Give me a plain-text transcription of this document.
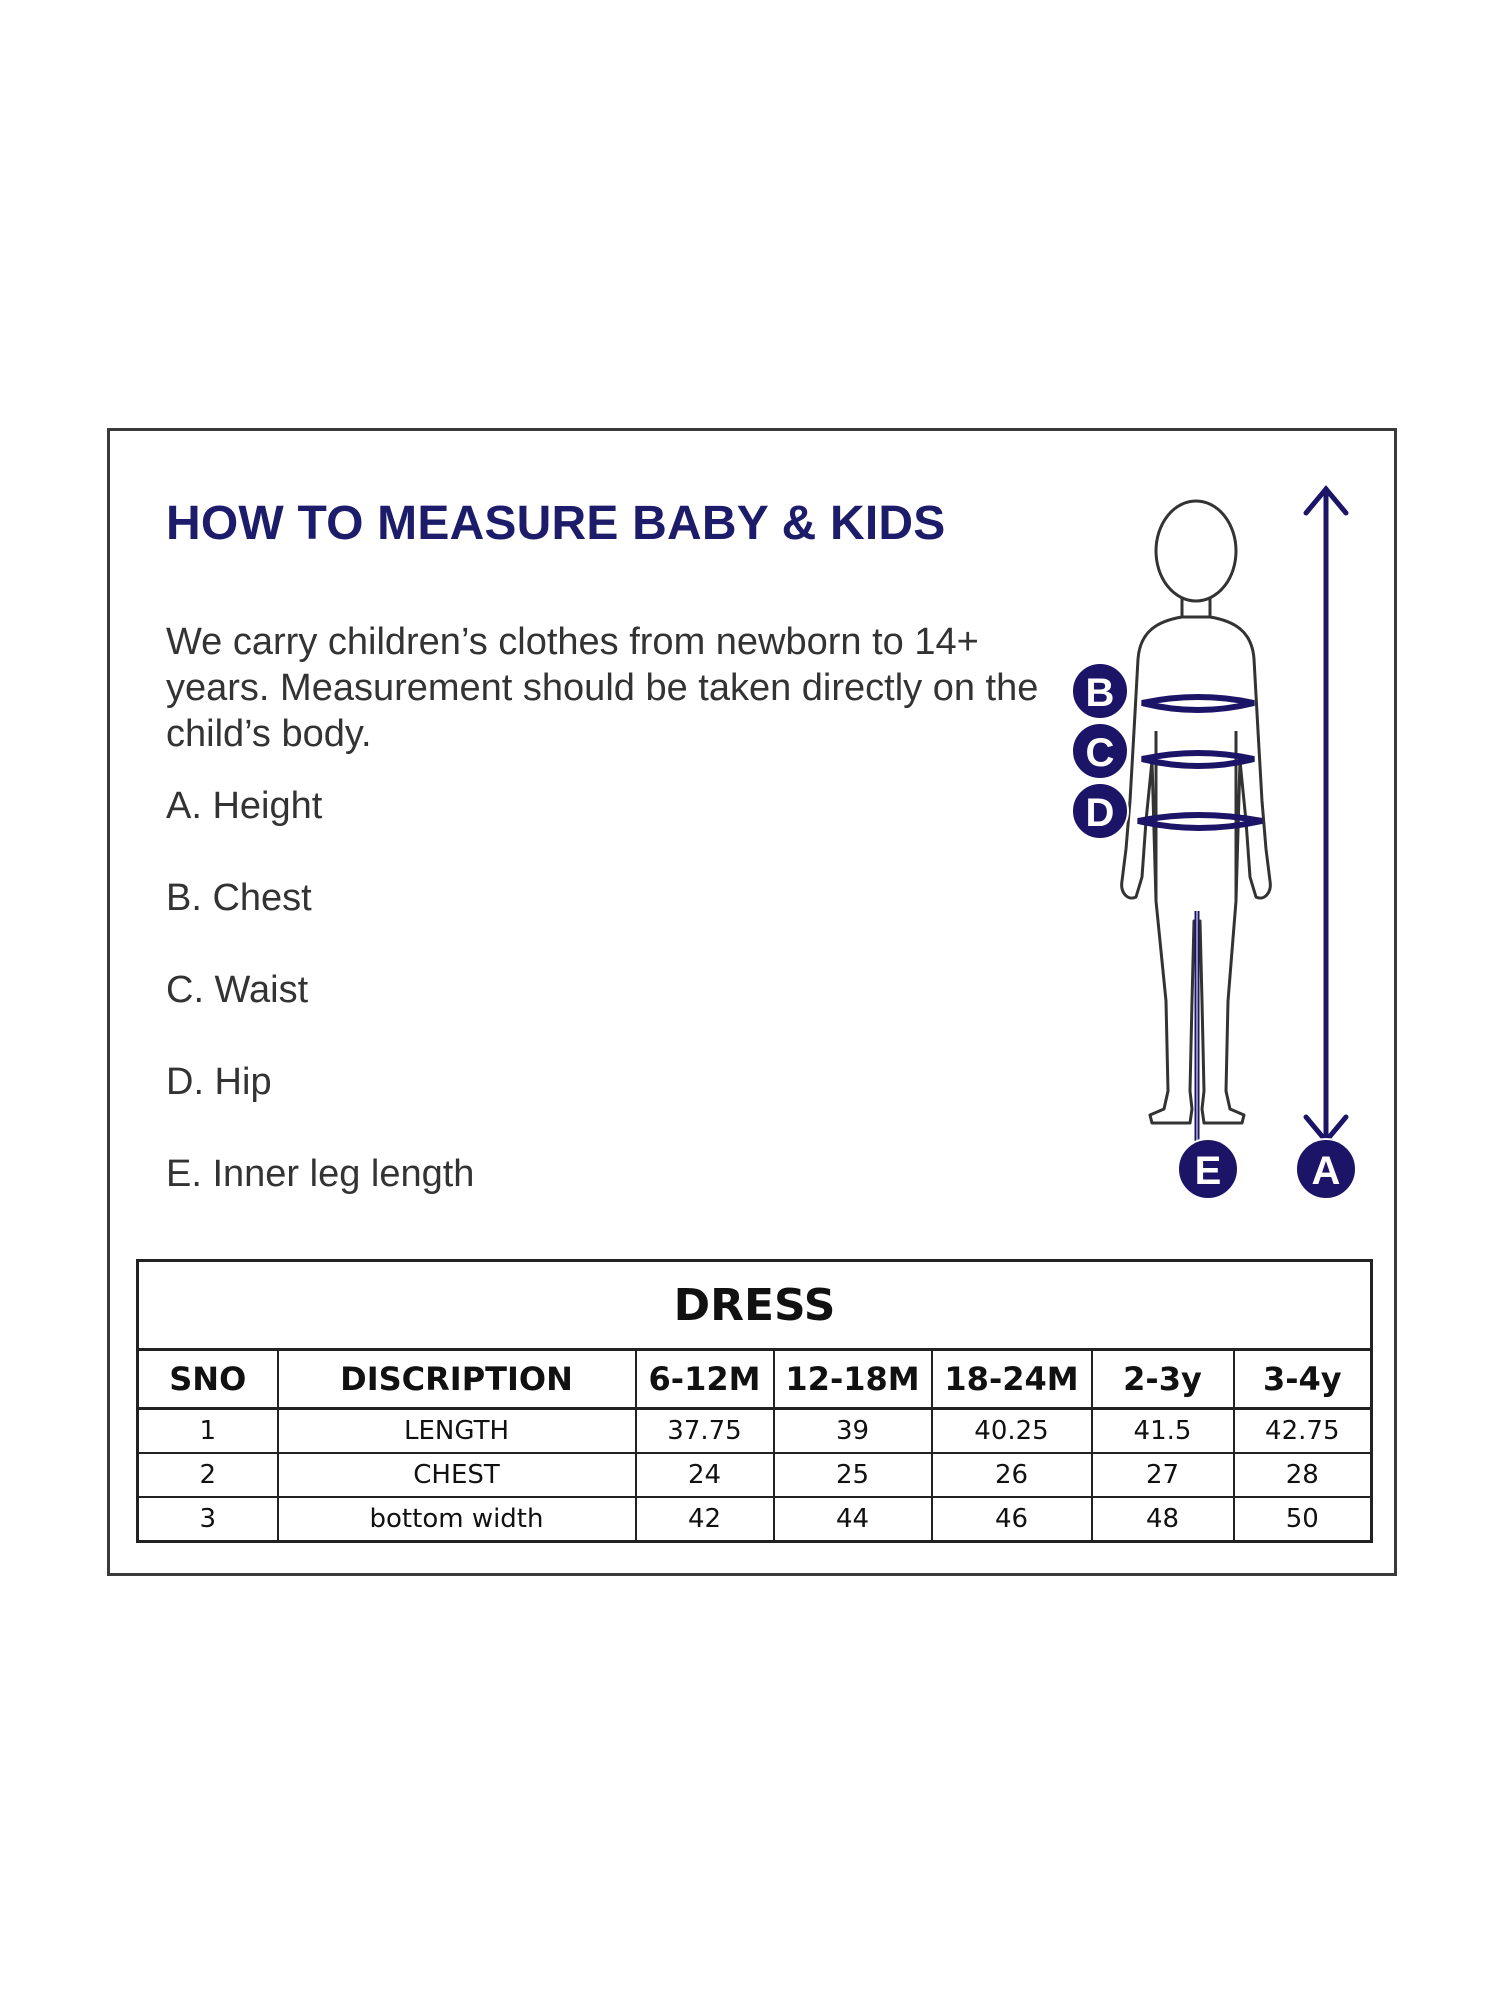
HOW TO MEASURE BABY & KIDS

We carry children’s clothes from newborn to 14+ years. Measurement should be taken directly on the child’s body.

A. Height
B. Chest
C. Waist
D. Hip
E. Inner leg length
B
C
D
E A
DRESS						
SNO	DISCRIPTION	6-12M	12-18M	18-24M	2-3y	3-4y
1	LENGTH	37.75	39	40.25	41.5	42.75
2	CHEST	24	25	26	27	28
3	bottom width	42	44	46	48	50
